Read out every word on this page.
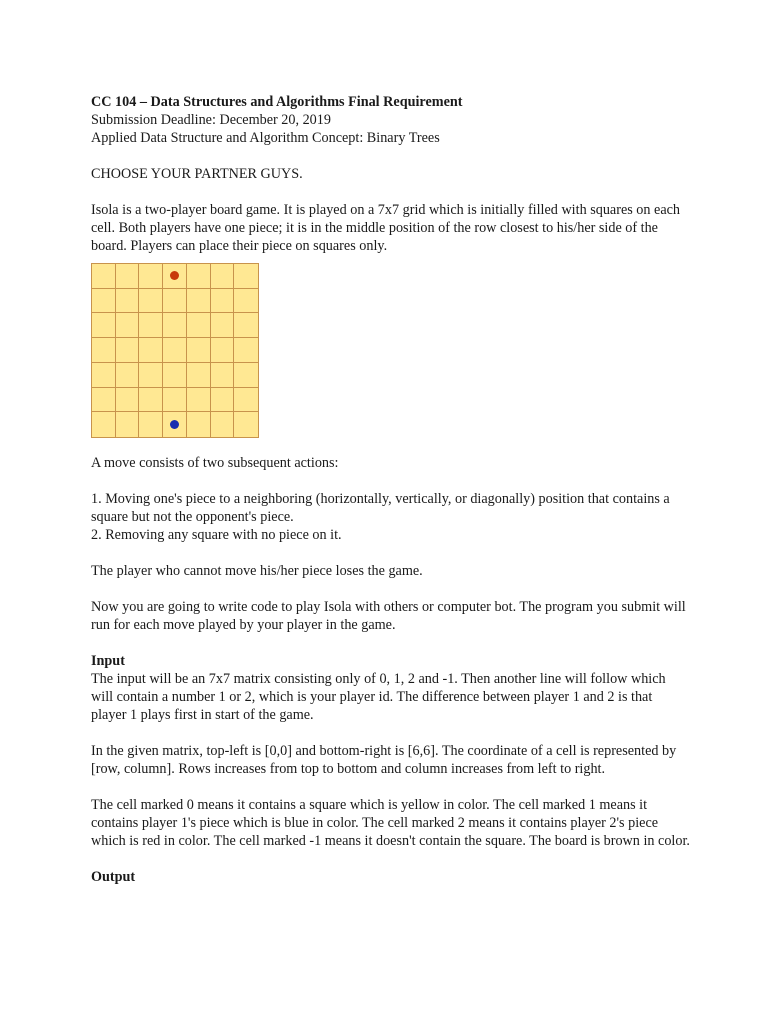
CC 104 – Data Structures and Algorithms Final Requirement

Submission Deadline: December 20, 2019

Applied Data Structure and Algorithm Concept: Binary Trees

CHOOSE YOUR PARTNER GUYS.

Isola is a two-player board game. It is played on a 7x7 grid which is initially filled with squares on each cell. Both players have one piece; it is in the middle position of the row closest to his/her side of the board. Players can place their piece on squares only.

A move consists of two subsequent actions:

1. Moving one's piece to a neighboring (horizontally, vertically, or diagonally) position that contains a square but not the opponent's piece.

2. Removing any square with no piece on it.

The player who cannot move his/her piece loses the game.

Now you are going to write code to play Isola with others or computer bot. The program you submit will run for each move played by your player in the game.

Input

The input will be an 7x7 matrix consisting only of 0, 1, 2 and -1. Then another line will follow which will contain a number 1 or 2, which is your player id. The difference between player 1 and 2 is that player 1 plays first in start of the game.

In the given matrix, top-left is [0,0] and bottom-right is [6,6]. The coordinate of a cell is represented by [row, column]. Rows increases from top to bottom and column increases from left to right.

The cell marked 0 means it contains a square which is yellow in color. The cell marked 1 means it contains player 1's piece which is blue in color. The cell marked 2 means it contains player 2's piece which is red in color. The cell marked -1 means it doesn't contain the square. The board is brown in color.

Output
